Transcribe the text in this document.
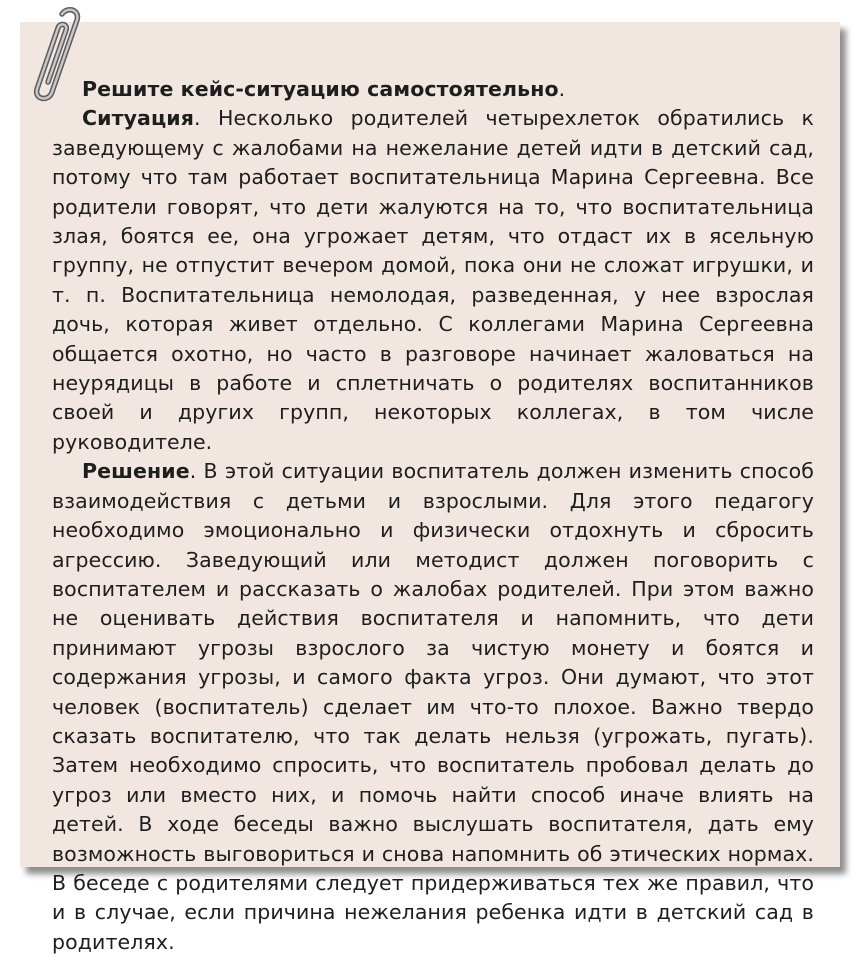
Решите кейс-ситуацию самостоятельно.

Ситуация. Несколько родителей четырехлеток обратились к заведующему с жалобами на нежелание детей идти в детский сад, потому что там работает воспитательница Марина Сергеевна. Все родители говорят, что дети жалуются на то, что воспитательница злая, боятся ее, она угрожает детям, что отдаст их в ясельную группу, не отпустит вечером домой, пока они не сложат игрушки, и т. п. Воспитательница немолодая, разведенная, у нее взрослая дочь, которая живет отдельно. С коллегами Марина Сергеевна общается охотно, но часто в разговоре начинает жаловаться на неурядицы в работе и сплетничать о родителях воспитанников своей и других групп, некоторых коллегах, в том числе руководителе.

Решение. В этой ситуации воспитатель должен изменить способ взаимодействия с детьми и взрослыми. Для этого педагогу необходимо эмоционально и физически отдохнуть и сбросить агрессию. Заведующий или методист должен поговорить с воспитателем и рассказать о жалобах родителей. При этом важно не оценивать действия воспитателя и напомнить, что дети принимают угрозы взрослого за чистую монету и боятся и содержания угрозы, и самого факта угроз. Они думают, что этот человек (воспитатель) сделает им что-то плохое. Важно твердо сказать воспитателю, что так делать нельзя (угрожать, пугать). Затем необходимо спросить, что воспитатель пробовал делать до угроз или вместо них, и помочь найти способ иначе влиять на детей. В ходе беседы важно выслушать воспитателя, дать ему возможность выговориться и снова напомнить об этических нормах. В беседе с родителями следует придерживаться тех же правил, что и в случае, если причина нежелания ребенка идти в детский сад в родителях.
